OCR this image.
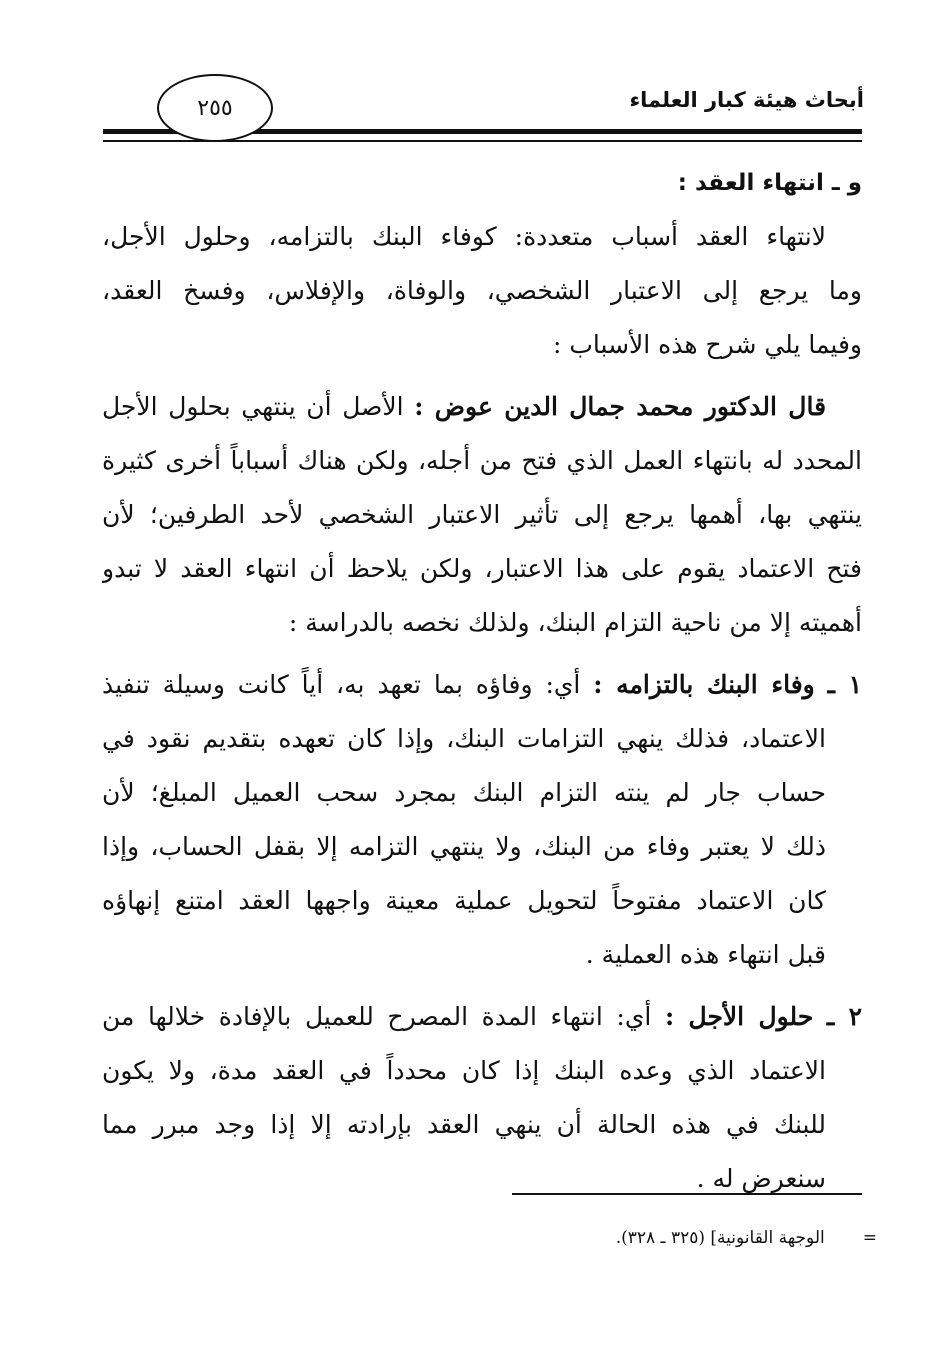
أبحاث هيئة كبار العلماء
٢٥٥
و ـ انتهاء العقد :
لانتهاء العقد أسباب متعددة: كوفاء البنك بالتزامه، وحلول الأجل،
وما يرجع إلى الاعتبار الشخصي، والوفاة، والإفلاس، وفسخ العقد،
وفيما يلي شرح هذه الأسباب :
قال الدكتور محمد جمال الدين عوض : الأصل أن ينتهي بحلول الأجل
المحدد له بانتهاء العمل الذي فتح من أجله، ولكن هناك أسباباً أخرى كثيرة
ينتهي بها، أهمها يرجع إلى تأثير الاعتبار الشخصي لأحد الطرفين؛ لأن
فتح الاعتماد يقوم على هذا الاعتبار، ولكن يلاحظ أن انتهاء العقد لا تبدو
أهميته إلا من ناحية التزام البنك، ولذلك نخصه بالدراسة :
١ ـ وفاء البنك بالتزامه : أي: وفاؤه بما تعهد به، أياً كانت وسيلة تنفيذ
الاعتماد، فذلك ينهي التزامات البنك، وإذا كان تعهده بتقديم نقود في
حساب جار لم ينته التزام البنك بمجرد سحب العميل المبلغ؛ لأن
ذلك لا يعتبر وفاء من البنك، ولا ينتهي التزامه إلا بقفل الحساب، وإذا
كان الاعتماد مفتوحاً لتحويل عملية معينة واجهها العقد امتنع إنهاؤه
قبل انتهاء هذه العملية .
٢ ـ حلول الأجل : أي: انتهاء المدة المصرح للعميل بالإفادة خلالها من
الاعتماد الذي وعده البنك إذا كان محدداً في العقد مدة، ولا يكون
للبنك في هذه الحالة أن ينهي العقد بإرادته إلا إذا وجد مبرر مما
سنعرض له .
=الوجهة القانونية] (٣٢٥ ـ ٣٢٨).
